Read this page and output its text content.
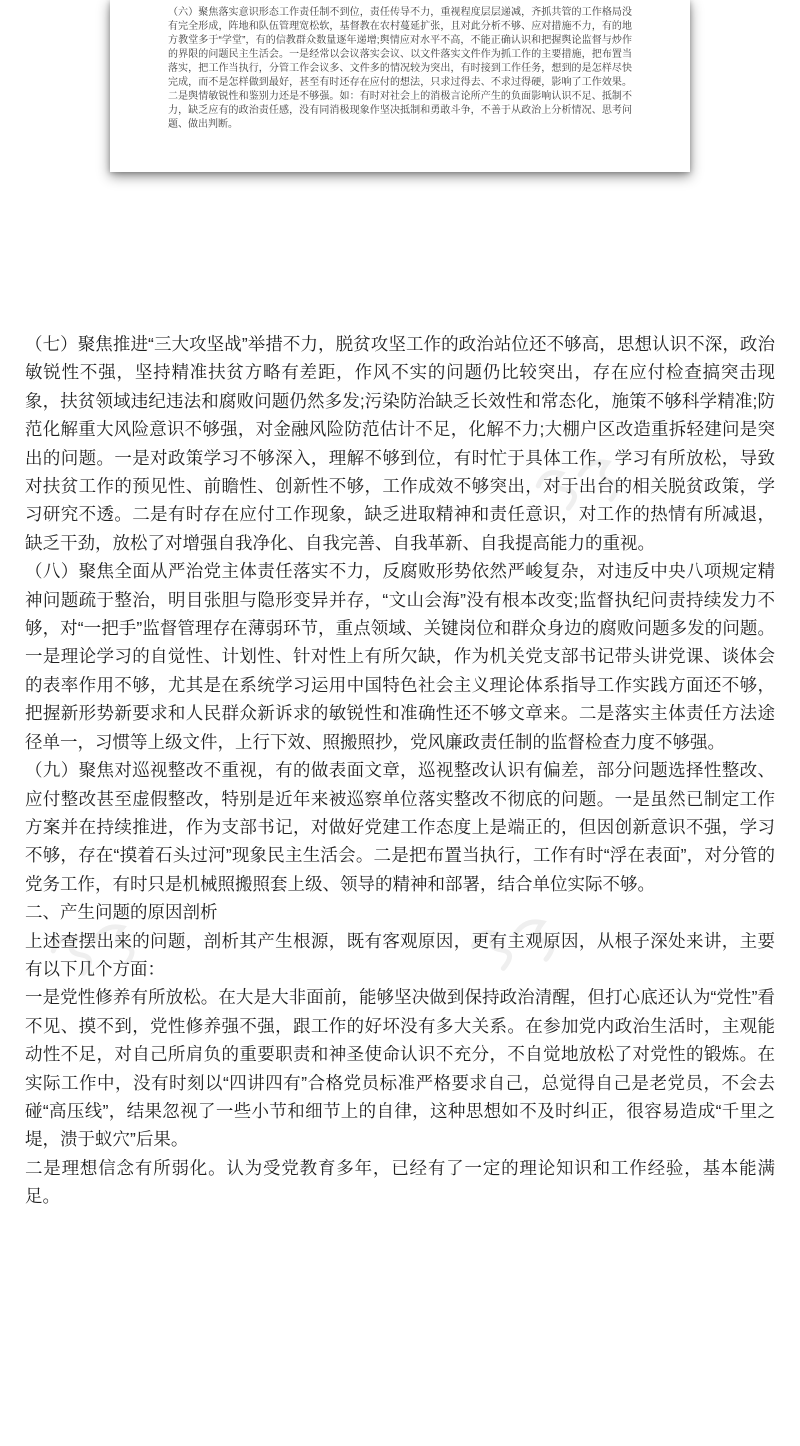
（六）聚焦落实意识形态工作责任制不到位，责任传导不力，重视程度层层递减，齐抓共管的工作格局没有完全形成，阵地和队伍管理宽松软，基督教在农村蔓延扩张，且对此分析不够、应对措施不力，有的地方教堂多于“学堂”，有的信教群众数量逐年递增;舆情应对水平不高，不能正确认识和把握舆论监督与炒作的界限的问题民主生活会。一是经常以会议落实会议、以文件落实文件作为抓工作的主要措施，把布置当落实，把工作当执行，分管工作会议多、文件多的情况较为突出，有时接到工作任务，想到的是怎样尽快完成，而不是怎样做到最好，甚至有时还存在应付的想法，只求过得去、不求过得硬，影响了工作效果。二是舆情敏锐性和鉴别力还是不够强。如：有时对社会上的消极言论所产生的负面影响认识不足、抵制不力，缺乏应有的政治责任感，没有同消极现象作坚决抵制和勇敢斗争，不善于从政治上分析情况、思考问题、做出判断。

（七）聚焦推进“三大攻坚战”举措不力，脱贫攻坚工作的政治站位还不够高，思想认识不深，政治敏锐性不强，坚持精准扶贫方略有差距，作风不实的问题仍比较突出，存在应付检查搞突击现象，扶贫领域违纪违法和腐败问题仍然多发;污染防治缺乏长效性和常态化，施策不够科学精准;防范化解重大风险意识不够强，对金融风险防范估计不足，化解不力;大棚户区改造重拆轻建问是突出的问题。一是对政策学习不够深入，理解不够到位，有时忙于具体工作，学习有所放松，导致对扶贫工作的预见性、前瞻性、创新性不够，工作成效不够突出，对于出台的相关脱贫政策，学习研究不透。二是有时存在应付工作现象，缺乏进取精神和责任意识，对工作的热情有所减退，缺乏干劲，放松了对增强自我净化、自我完善、自我革新、自我提高能力的重视。

（八）聚焦全面从严治党主体责任落实不力，反腐败形势依然严峻复杂，对违反中央八项规定精神问题疏于整治，明目张胆与隐形变异并存，“文山会海”没有根本改变;监督执纪问责持续发力不够，对“一把手”监督管理存在薄弱环节，重点领域、关键岗位和群众身边的腐败问题多发的问题。一是理论学习的自觉性、计划性、针对性上有所欠缺，作为机关党支部书记带头讲党课、谈体会的表率作用不够，尤其是在系统学习运用中国特色社会主义理论体系指导工作实践方面还不够，把握新形势新要求和人民群众新诉求的敏锐性和准确性还不够文章来。二是落实主体责任方法途径单一，习惯等上级文件，上行下效、照搬照抄，党风廉政责任制的监督检查力度不够强。

（九）聚焦对巡视整改不重视，有的做表面文章，巡视整改认识有偏差，部分问题选择性整改、应付整改甚至虚假整改，特别是近年来被巡察单位落实整改不彻底的问题。一是虽然已制定工作方案并在持续推进，作为支部书记，对做好党建工作态度上是端正的，但因创新意识不强，学习不够，存在“摸着石头过河”现象民主生活会。二是把布置当执行，工作有时“浮在表面”，对分管的党务工作，有时只是机械照搬照套上级、领导的精神和部署，结合单位实际不够。

二、产生问题的原因剖析

上述查摆出来的问题，剖析其产生根源，既有客观原因，更有主观原因，从根子深处来讲，主要有以下几个方面：

一是党性修养有所放松。在大是大非面前，能够坚决做到保持政治清醒，但打心底还认为“党性”看不见、摸不到，党性修养强不强，跟工作的好坏没有多大关系。在参加党内政治生活时，主观能动性不足，对自己所肩负的重要职责和神圣使命认识不充分，不自觉地放松了对党性的锻炼。在实际工作中，没有时刻以“四讲四有”合格党员标准严格要求自己，总觉得自己是老党员，不会去碰“高压线”，结果忽视了一些小节和细节上的自律，这种思想如不及时纠正，很容易造成“千里之堤，溃于蚁穴”后果。

二是理想信念有所弱化。认为受党教育多年，已经有了一定的理论知识和工作经验，基本能满足。
